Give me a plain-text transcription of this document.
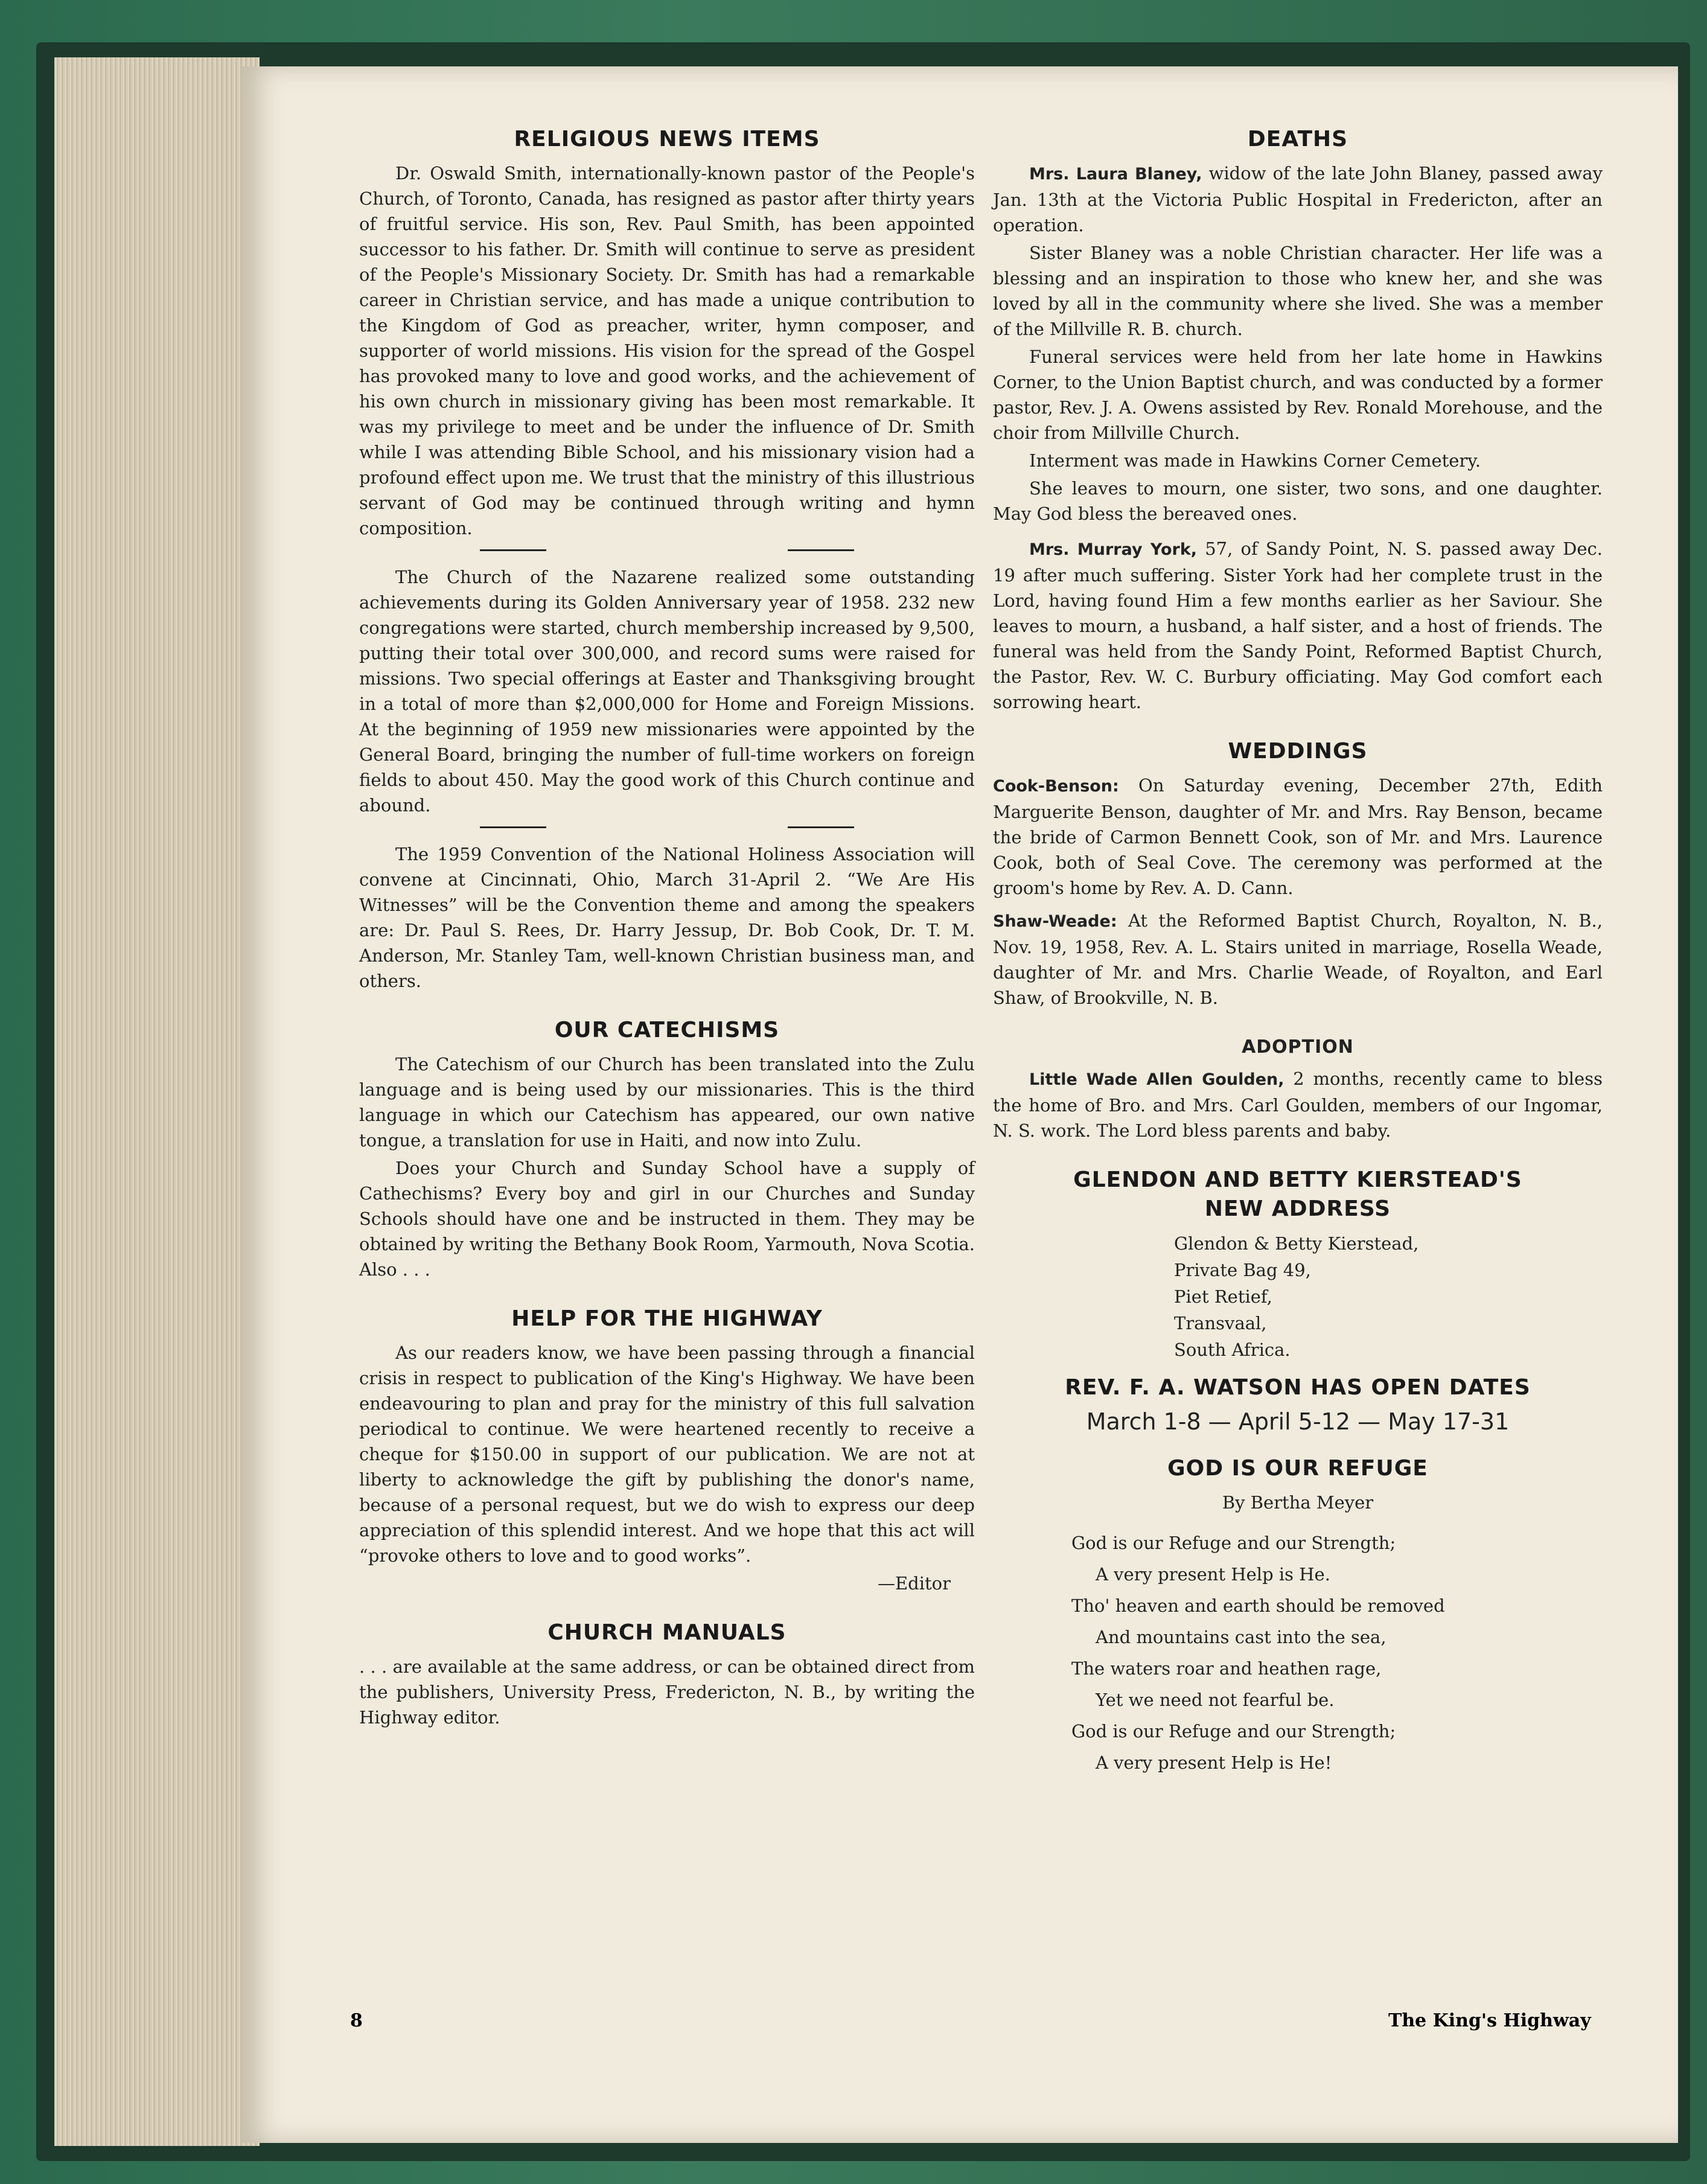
RELIGIOUS NEWS ITEMS

Dr. Oswald Smith, internationally-known pastor of the People's Church, of Toronto, Canada, has resigned as pastor after thirty years of fruitful service. His son, Rev. Paul Smith, has been appointed successor to his father. Dr. Smith will continue to serve as president of the People's Missionary Society. Dr. Smith has had a remarkable career in Christian service, and has made a unique contribution to the Kingdom of God as preacher, writer, hymn composer, and supporter of world missions. His vision for the spread of the Gospel has provoked many to love and good works, and the achievement of his own church in missionary giving has been most remarkable. It was my privilege to meet and be under the influence of Dr. Smith while I was attending Bible School, and his missionary vision had a profound effect upon me. We trust that the ministry of this illustrious servant of God may be continued through writing and hymn composition.

The Church of the Nazarene realized some outstanding achievements during its Golden Anniversary year of 1958. 232 new congregations were started, church membership increased by 9,500, putting their total over 300,000, and record sums were raised for missions. Two special offerings at Easter and Thanksgiving brought in a total of more than $2,000,000 for Home and Foreign Missions. At the beginning of 1959 new missionaries were appointed by the General Board, bringing the number of full-time workers on foreign fields to about 450. May the good work of this Church continue and abound.

The 1959 Convention of the National Holiness Association will convene at Cincinnati, Ohio, March 31-April 2. “We Are His Witnesses” will be the Convention theme and among the speakers are: Dr. Paul S. Rees, Dr. Harry Jessup, Dr. Bob Cook, Dr. T. M. Anderson, Mr. Stanley Tam, well-known Christian business man, and others.

OUR CATECHISMS

The Catechism of our Church has been translated into the Zulu language and is being used by our missionaries. This is the third language in which our Catechism has appeared, our own native tongue, a translation for use in Haiti, and now into Zulu.

Does your Church and Sunday School have a supply of Cathechisms? Every boy and girl in our Churches and Sunday Schools should have one and be instructed in them. They may be obtained by writing the Bethany Book Room, Yarmouth, Nova Scotia. Also . . .

HELP FOR THE HIGHWAY

As our readers know, we have been passing through a financial crisis in respect to publication of the King's Highway. We have been endeavouring to plan and pray for the ministry of this full salvation periodical to continue. We were heartened recently to receive a cheque for $150.00 in support of our publication. We are not at liberty to acknowledge the gift by publishing the donor's name, because of a personal request, but we do wish to express our deep appreciation of this splendid interest. And we hope that this act will “provoke others to love and to good works”.

—Editor
CHURCH MANUALS

. . . are available at the same address, or can be obtained direct from the publishers, University Press, Fredericton, N. B., by writing the Highway editor.

DEATHS

Mrs. Laura Blaney, widow of the late John Blaney, passed away Jan. 13th at the Victoria Public Hospital in Fredericton, after an operation.

Sister Blaney was a noble Christian character. Her life was a blessing and an inspiration to those who knew her, and she was loved by all in the community where she lived. She was a member of the Millville R. B. church.

Funeral services were held from her late home in Hawkins Corner, to the Union Baptist church, and was conducted by a former pastor, Rev. J. A. Owens assisted by Rev. Ronald Morehouse, and the choir from Millville Church.

Interment was made in Hawkins Corner Cemetery.

She leaves to mourn, one sister, two sons, and one daughter. May God bless the bereaved ones.

Mrs. Murray York, 57, of Sandy Point, N. S. passed away Dec. 19 after much suffering. Sister York had her complete trust in the Lord, having found Him a few months earlier as her Saviour. She leaves to mourn, a husband, a half sister, and a host of friends. The funeral was held from the Sandy Point, Reformed Baptist Church, the Pastor, Rev. W. C. Burbury officiating. May God comfort each sorrowing heart.

WEDDINGS

Cook-Benson: On Saturday evening, December 27th, Edith Marguerite Benson, daughter of Mr. and Mrs. Ray Benson, became the bride of Carmon Bennett Cook, son of Mr. and Mrs. Laurence Cook, both of Seal Cove. The ceremony was performed at the groom's home by Rev. A. D. Cann.

Shaw-Weade: At the Reformed Baptist Church, Royalton, N. B., Nov. 19, 1958, Rev. A. L. Stairs united in marriage, Rosella Weade, daughter of Mr. and Mrs. Charlie Weade, of Royalton, and Earl Shaw, of Brookville, N. B.

ADOPTION

Little Wade Allen Goulden, 2 months, recently came to bless the home of Bro. and Mrs. Carl Goulden, members of our Ingomar, N. S. work. The Lord bless parents and baby.

GLENDON AND BETTY KIERSTEAD'S
NEW ADDRESS
Glendon & Betty Kierstead,
Private Bag 49,
Piet Retief,
Transvaal,
South Africa.
REV. F. A. WATSON HAS OPEN DATES
March 1-8 — April 5-12 — May 17-31
GOD IS OUR REFUGE
By Bertha Meyer
God is our Refuge and our Strength;
A very present Help is He.
Tho' heaven and earth should be removed
And mountains cast into the sea,
The waters roar and heathen rage,
Yet we need not fearful be.
God is our Refuge and our Strength;
A very present Help is He!
8	The King's Highway
